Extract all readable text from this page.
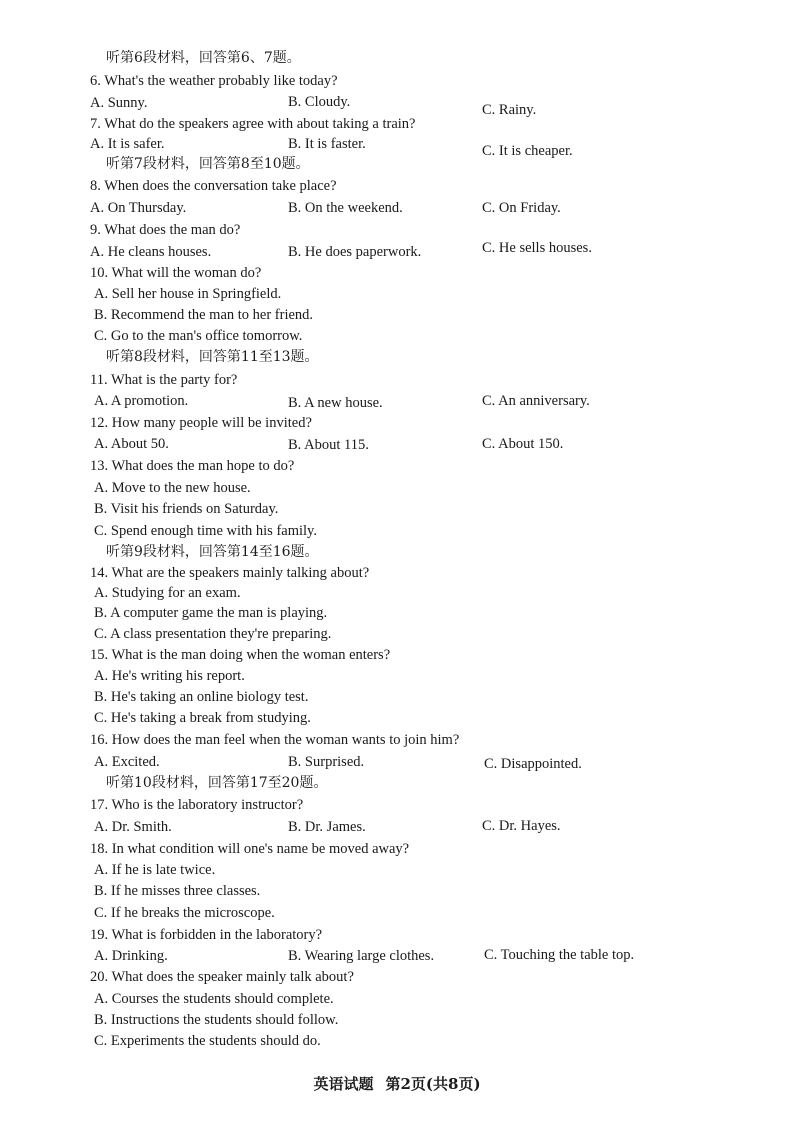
听第6段材料，回答第6、7题。
6. What's the weather probably like today?
A. Sunny.	B. Cloudy.	C. Rainy.
7. What do the speakers agree with about taking a train?
A. It is safer.	B. It is faster.	C. It is cheaper.
听第7段材料，回答第8至10题。
8. When does the conversation take place?
A. On Thursday.	B. On the weekend.	C. On Friday.
9. What does the man do?
A. He cleans houses.	B. He does paperwork.	C. He sells houses.
10. What will the woman do?
A. Sell her house in Springfield.
B. Recommend the man to her friend.
C. Go to the man's office tomorrow.
听第8段材料，回答第11至13题。
11. What is the party for?
A. A promotion.	B. A new house.	C. An anniversary.
12. How many people will be invited?
A. About 50.	B. About 115.	C. About 150.
13. What does the man hope to do?
A. Move to the new house.
B. Visit his friends on Saturday.
C. Spend enough time with his family.
听第9段材料，回答第14至16题。
14. What are the speakers mainly talking about?
A. Studying for an exam.
B. A computer game the man is playing.
C. A class presentation they're preparing.
15. What is the man doing when the woman enters?
A. He's writing his report.
B. He's taking an online biology test.
C. He's taking a break from studying.
16. How does the man feel when the woman wants to join him?
A. Excited.	B. Surprised.	C. Disappointed.
听第10段材料，回答第17至20题。
17. Who is the laboratory instructor?
A. Dr. Smith.	B. Dr. James.	C. Dr. Hayes.
18. In what condition will one's name be moved away?
A. If he is late twice.
B. If he misses three classes.
C. If he breaks the microscope.
19. What is forbidden in the laboratory?
A. Drinking.	B. Wearing large clothes.	C. Touching the table top.
20. What does the speaker mainly talk about?
A. Courses the students should complete.
B. Instructions the students should follow.
C. Experiments the students should do.
英语试题 第2页(共8页)
